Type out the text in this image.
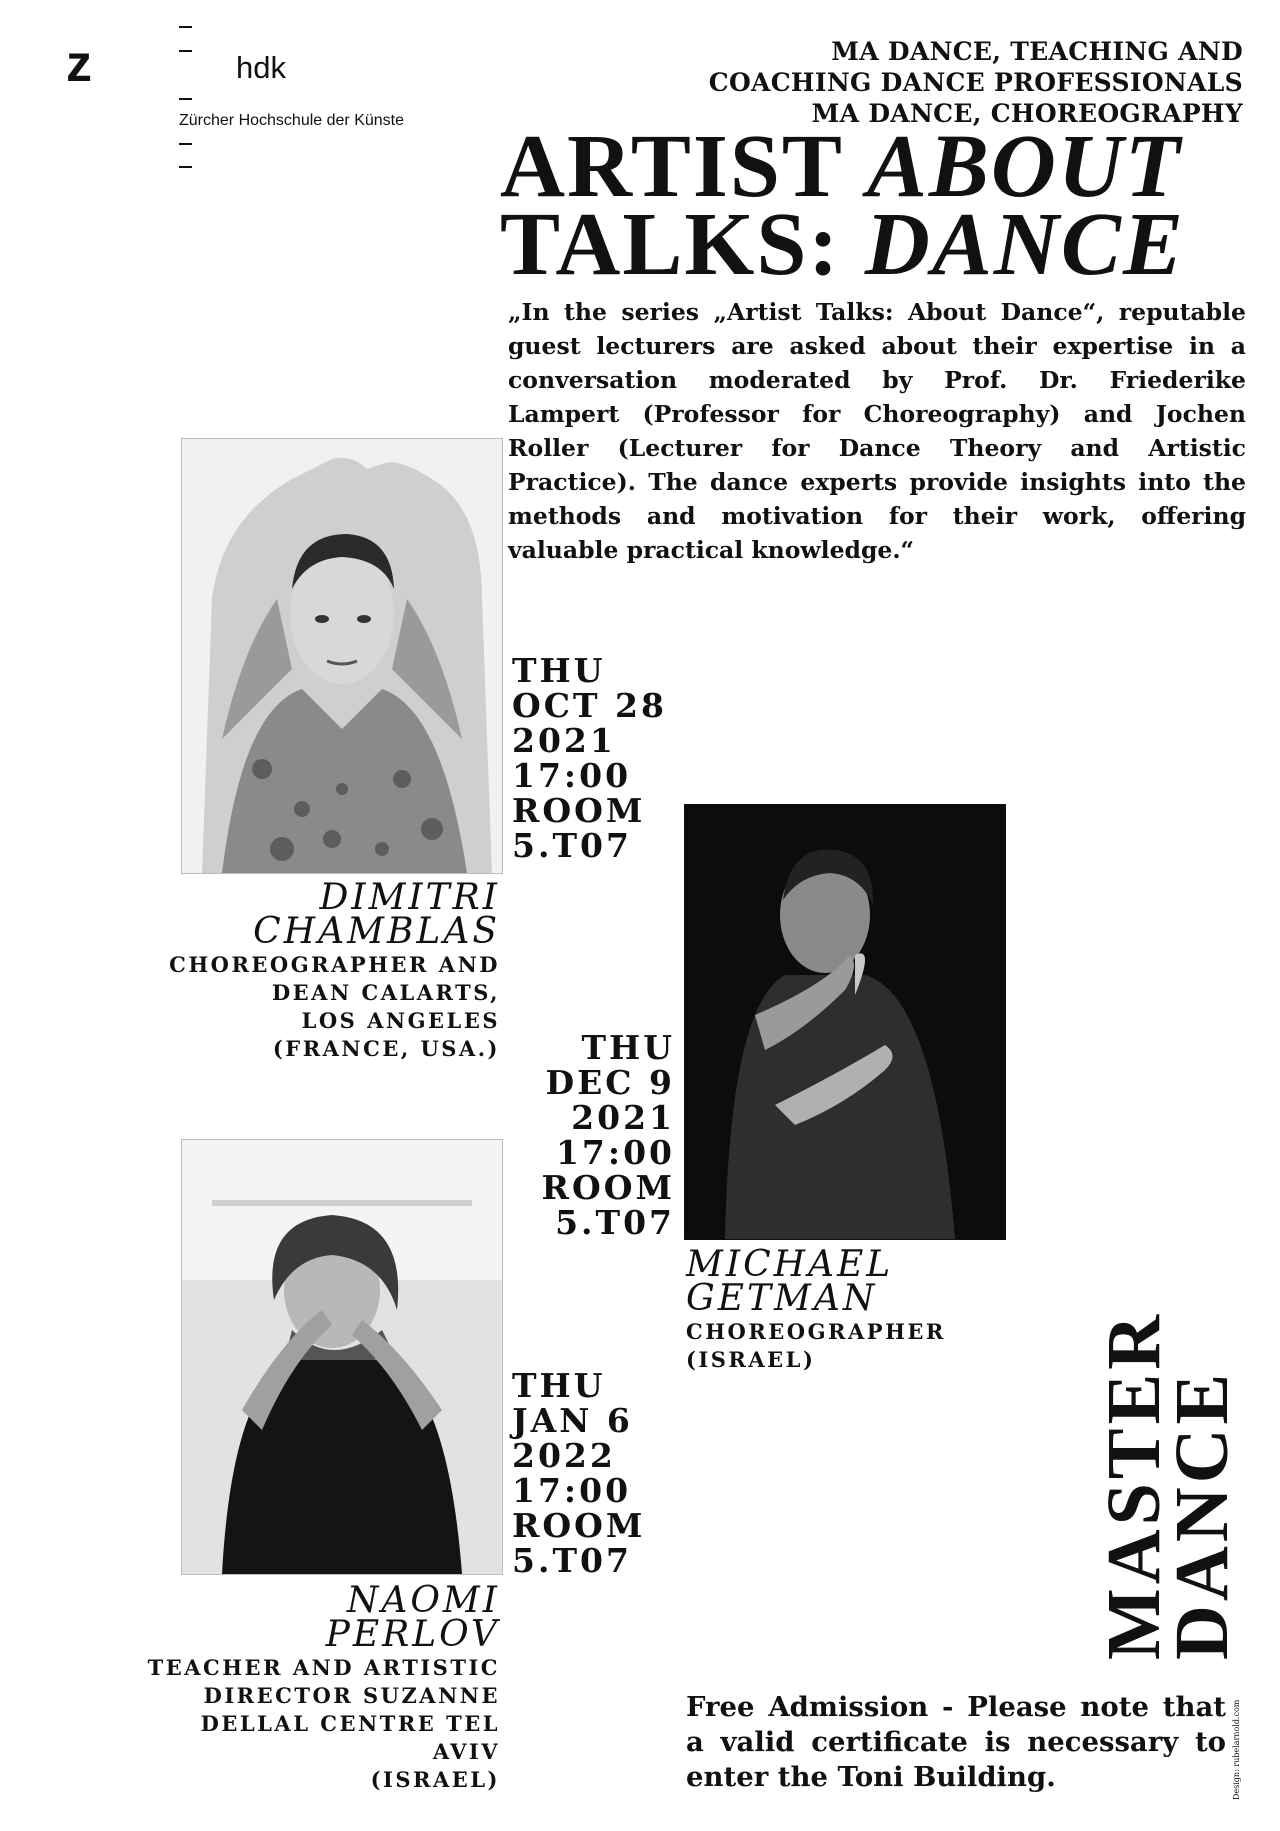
z	hdk
Zürcher Hochschule der Künste
MA DANCE, TEACHING AND
COACHING DANCE PROFESSIONALS
MA DANCE, CHOREOGRAPHY
ARTIST ABOUT
TALKS: DANCE
„In the series „Artist Talks: About Dance“, reputable guest lecturers are asked about their expertise in a conversation moderated by Prof. Dr. Friederike Lampert (Professor for Choreography) and Jochen Roller (Lecturer for Dance Theory and Artistic Practice). The dance experts provide insights into the methods and motivation for their work, offering valuable practical knowledge.“
THU
OCT 28
2021
17:00
ROOM
5.T07
DIMITRI
CHAMBLAS
CHOREOGRAPHER AND
DEAN CALARTS,
LOS ANGELES
(FRANCE, USA.)	THU
DEC 9
2021
17:00
ROOM
5.T07
MICHAEL
GETMAN
CHOREOGRAPHER
(ISRAEL)
THU
JAN 6
2022
17:00
ROOM
5.T07
NAOMI
PERLOV
TEACHER AND ARTISTIC
DIRECTOR SUZANNE
DELLAL CENTRE TEL
AVIV
(ISRAEL)
MASTER
DANCE
Free Admission - Please note that a valid certificate is necessary to enter the Toni Building.	Design: rubelarnold.com
